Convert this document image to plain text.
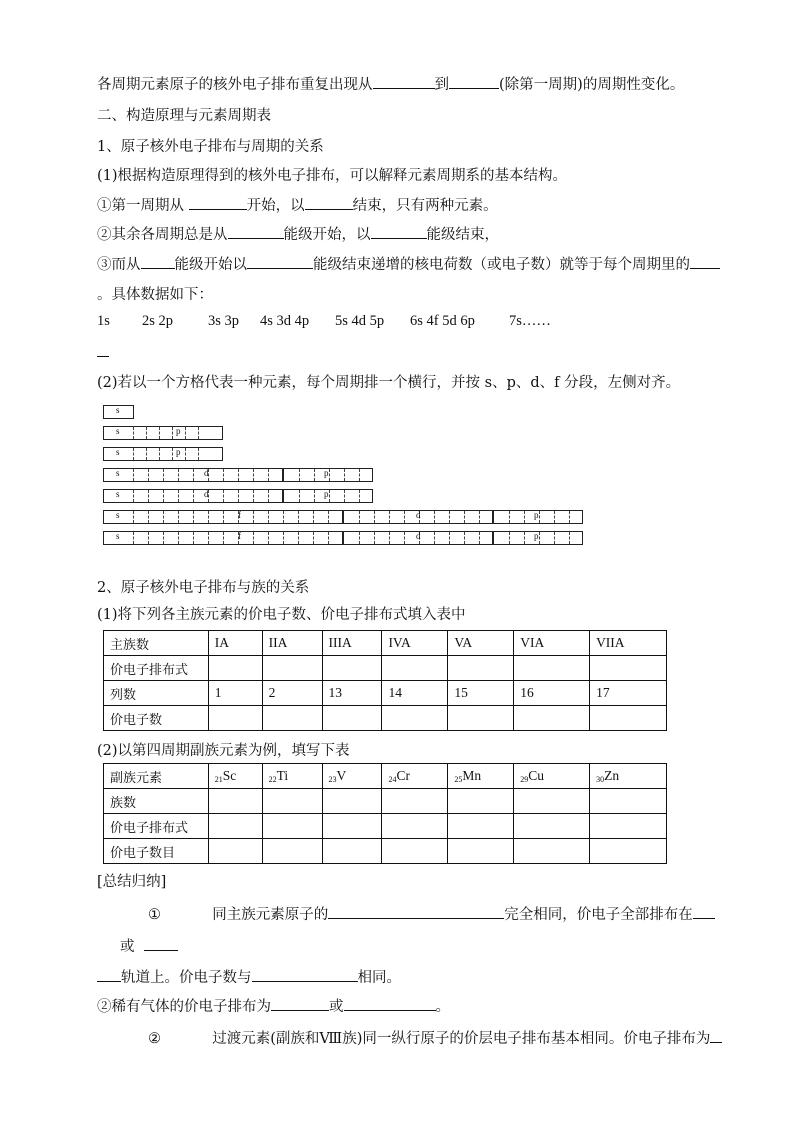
各周期元素原子的核外电子排布重复出现从	到	(除第一周期)的周期性变化。
二、构造原理与元素周期表
1、原子核外电子排布与周期的关系
(1)根据构造原理得到的核外电子排布，可以解释元素周期系的基本结构。
①第一周期从	开始，以	结束，只有两种元素。
②其余各周期总是从	能级开始，以	能级结束，
③而从 能级开始以	能级结束递增的核电荷数（或电子数）就等于每个周期里的
。具体数据如下：
1s 2s 2p 3s 3p 4s 3d 4p 5s 4d 5p 6s 4f 5d 6p 7s……
(2)若以一个方格代表一种元素，每个周期排一个横行，并按 s、p、d、f 分段，左侧对齐。
s
s	p
s	p
s	d	p
s	d	p
s	f	d	p
s	f	d	p
2、原子核外电子排布与族的关系
(1)将下列各主族元素的价电子数、价电子排布式填入表中
主族数	IA	IIA	IIIA	IVA	VA	VIA	VIIA
价电子排布式							
列数	1	2	13	14	15	16	17
价电子数							
(2)以第四周期副族元素为例，填写下表
副族元素	$_{21}$Sc	$_{22}$Ti	$_{23}$V	$_{24}$Cr	$_{25}$Mn	$_{29}$Cu	$_{30}$Zn
族数							
价电子排布式							
价电子数目							
[总结归纳]
①	同主族元素原子的	完全相同，价电子全部排布在
或
轨道上。价电子数与	相同。
②稀有气体的价电子排布为	或	。
②	过渡元素(副族和Ⅷ族)同一纵行原子的价层电子排布基本相同。价电子排布为
